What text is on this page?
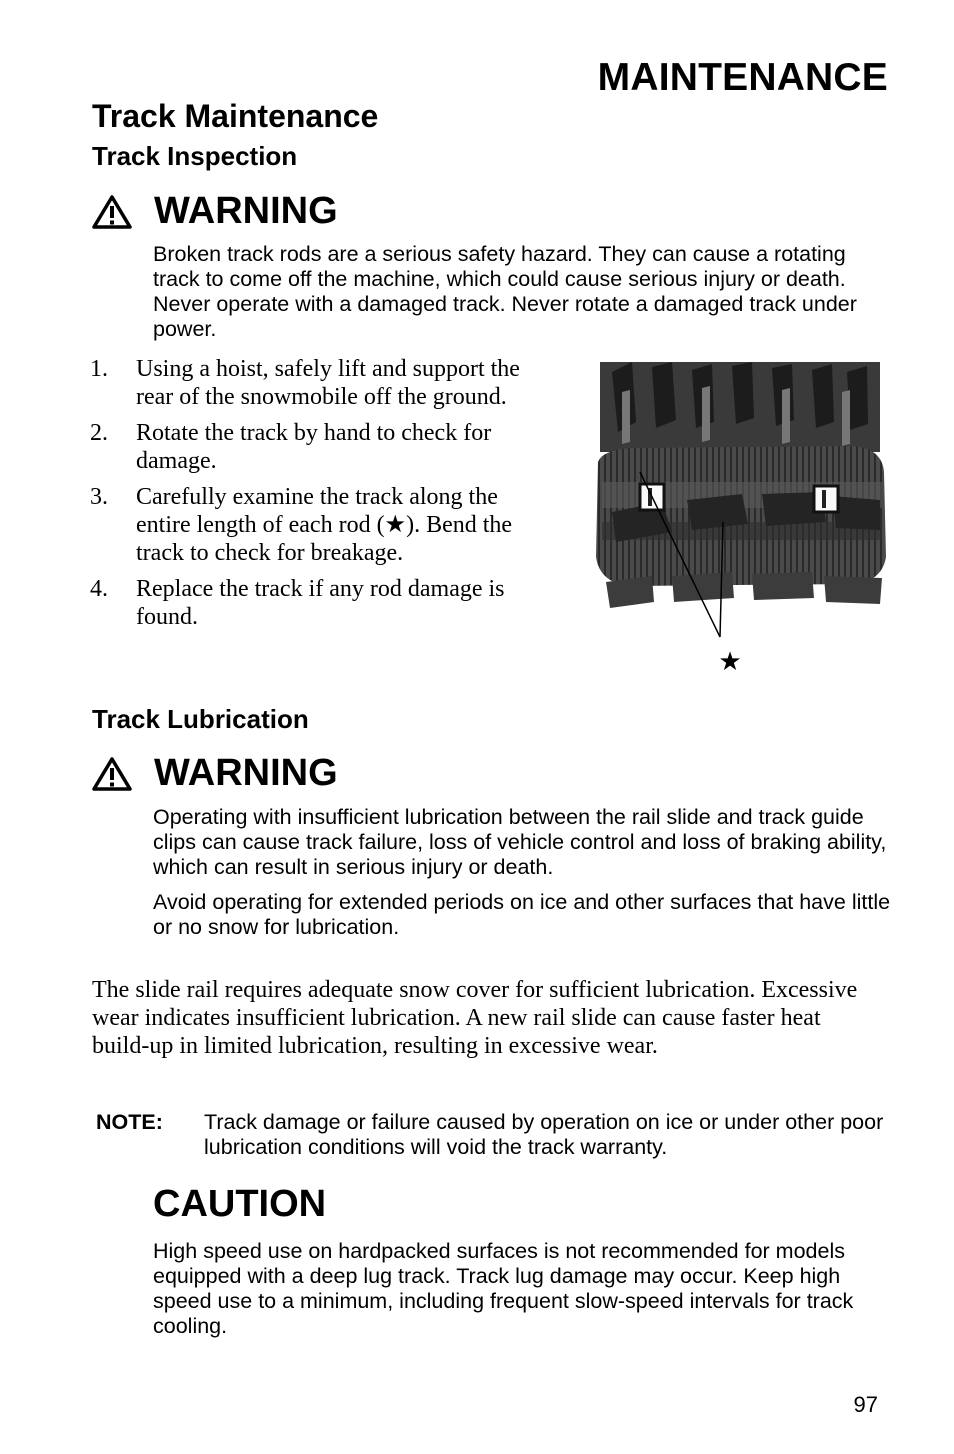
MAINTENANCE
Track Maintenance
Track Inspection
WARNING

Broken track rods are a serious safety hazard. They can cause a rotating track to come off the machine, which could cause serious injury or death. Never operate with a damaged track. Never rotate a damaged track under power.

1.	Using a hoist, safely lift and support the rear of the snowmobile off the ground.
2.	Rotate the track by hand to check for damage.
3.	Carefully examine the track along the entire length of each rod (★). Bend the track to check for breakage.
4.	Replace the track if any rod damage is found.
★
Track Lubrication
WARNING

Operating with insufficient lubrication between the rail slide and track guide clips can cause track failure, loss of vehicle control and loss of braking ability, which can result in serious injury or death.

Avoid operating for extended periods on ice and other surfaces that have little or no snow for lubrication.

The slide rail requires adequate snow cover for sufficient lubrication. Excessive wear indicates insufficient lubrication. A new rail slide can cause faster heat build-up in limited lubrication, resulting in excessive wear.
NOTE:	Track damage or failure caused by operation on ice or under other poor lubrication conditions will void the track warranty.
CAUTION

High speed use on hardpacked surfaces is not recommended for models equipped with a deep lug track. Track lug damage may occur. Keep high speed use to a minimum, including frequent slow-speed intervals for track cooling.

97
